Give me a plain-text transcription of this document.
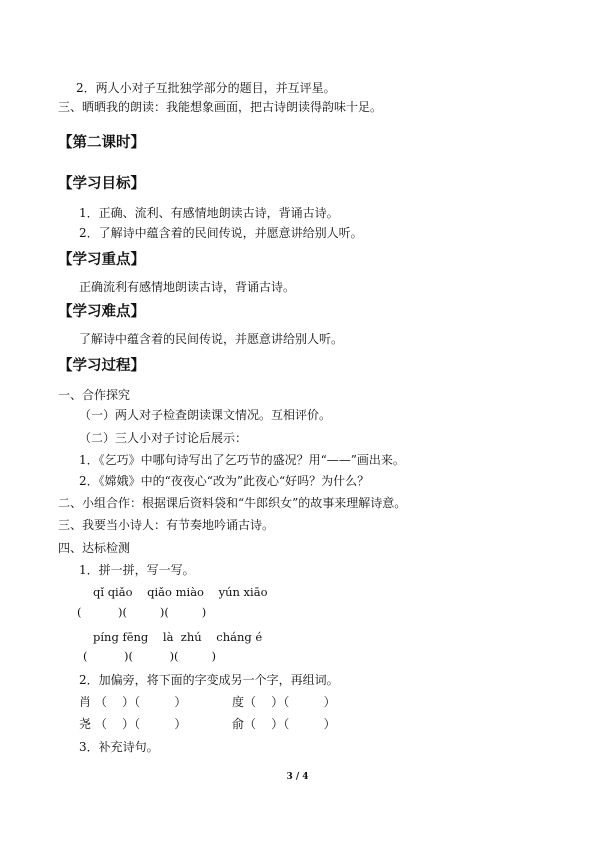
2．两人小对子互批独学部分的题目，并互评星。
三、晒晒我的朗读：我能想象画面，把古诗朗读得韵味十足。
【第二课时】
【学习目标】
1．正确、流利、有感情地朗读古诗，背诵古诗。
2．了解诗中蕴含着的民间传说，并愿意讲给别人听。
【学习重点】
正确流利有感情地朗读古诗，背诵古诗。
【学习难点】
了解诗中蕴含着的民间传说，并愿意讲给别人听。
【学习过程】
一、合作探究
（一）两人对子检查朗读课文情况。互相评价。
（二）三人小对子讨论后展示：
1．《乞巧》中哪句诗写出了乞巧节的盛况？用“——”画出来。
2．《嫦娥》中的“夜夜心“改为”此夜心“好吗？为什么？
二、小组合作：根据课后资料袋和“牛郎织女”的故事来理解诗意。
三、我要当小诗人：有节奏地吟诵古诗。
四、达标检测
1．拼一拼，写一写。
qǐ qiǎo    qiǎo miào    yún xiāo
(          )(         )(         )
píng fēng    là  zhú    cháng é
(          )(          )(         )
2．加偏旁，将下面的字变成另一个字，再组词。
肖 （    ）（         ）	度（    ）（         ）
尧 （    ）（         ）	俞（    ）（         ）
3．补充诗句。
3 / 4
